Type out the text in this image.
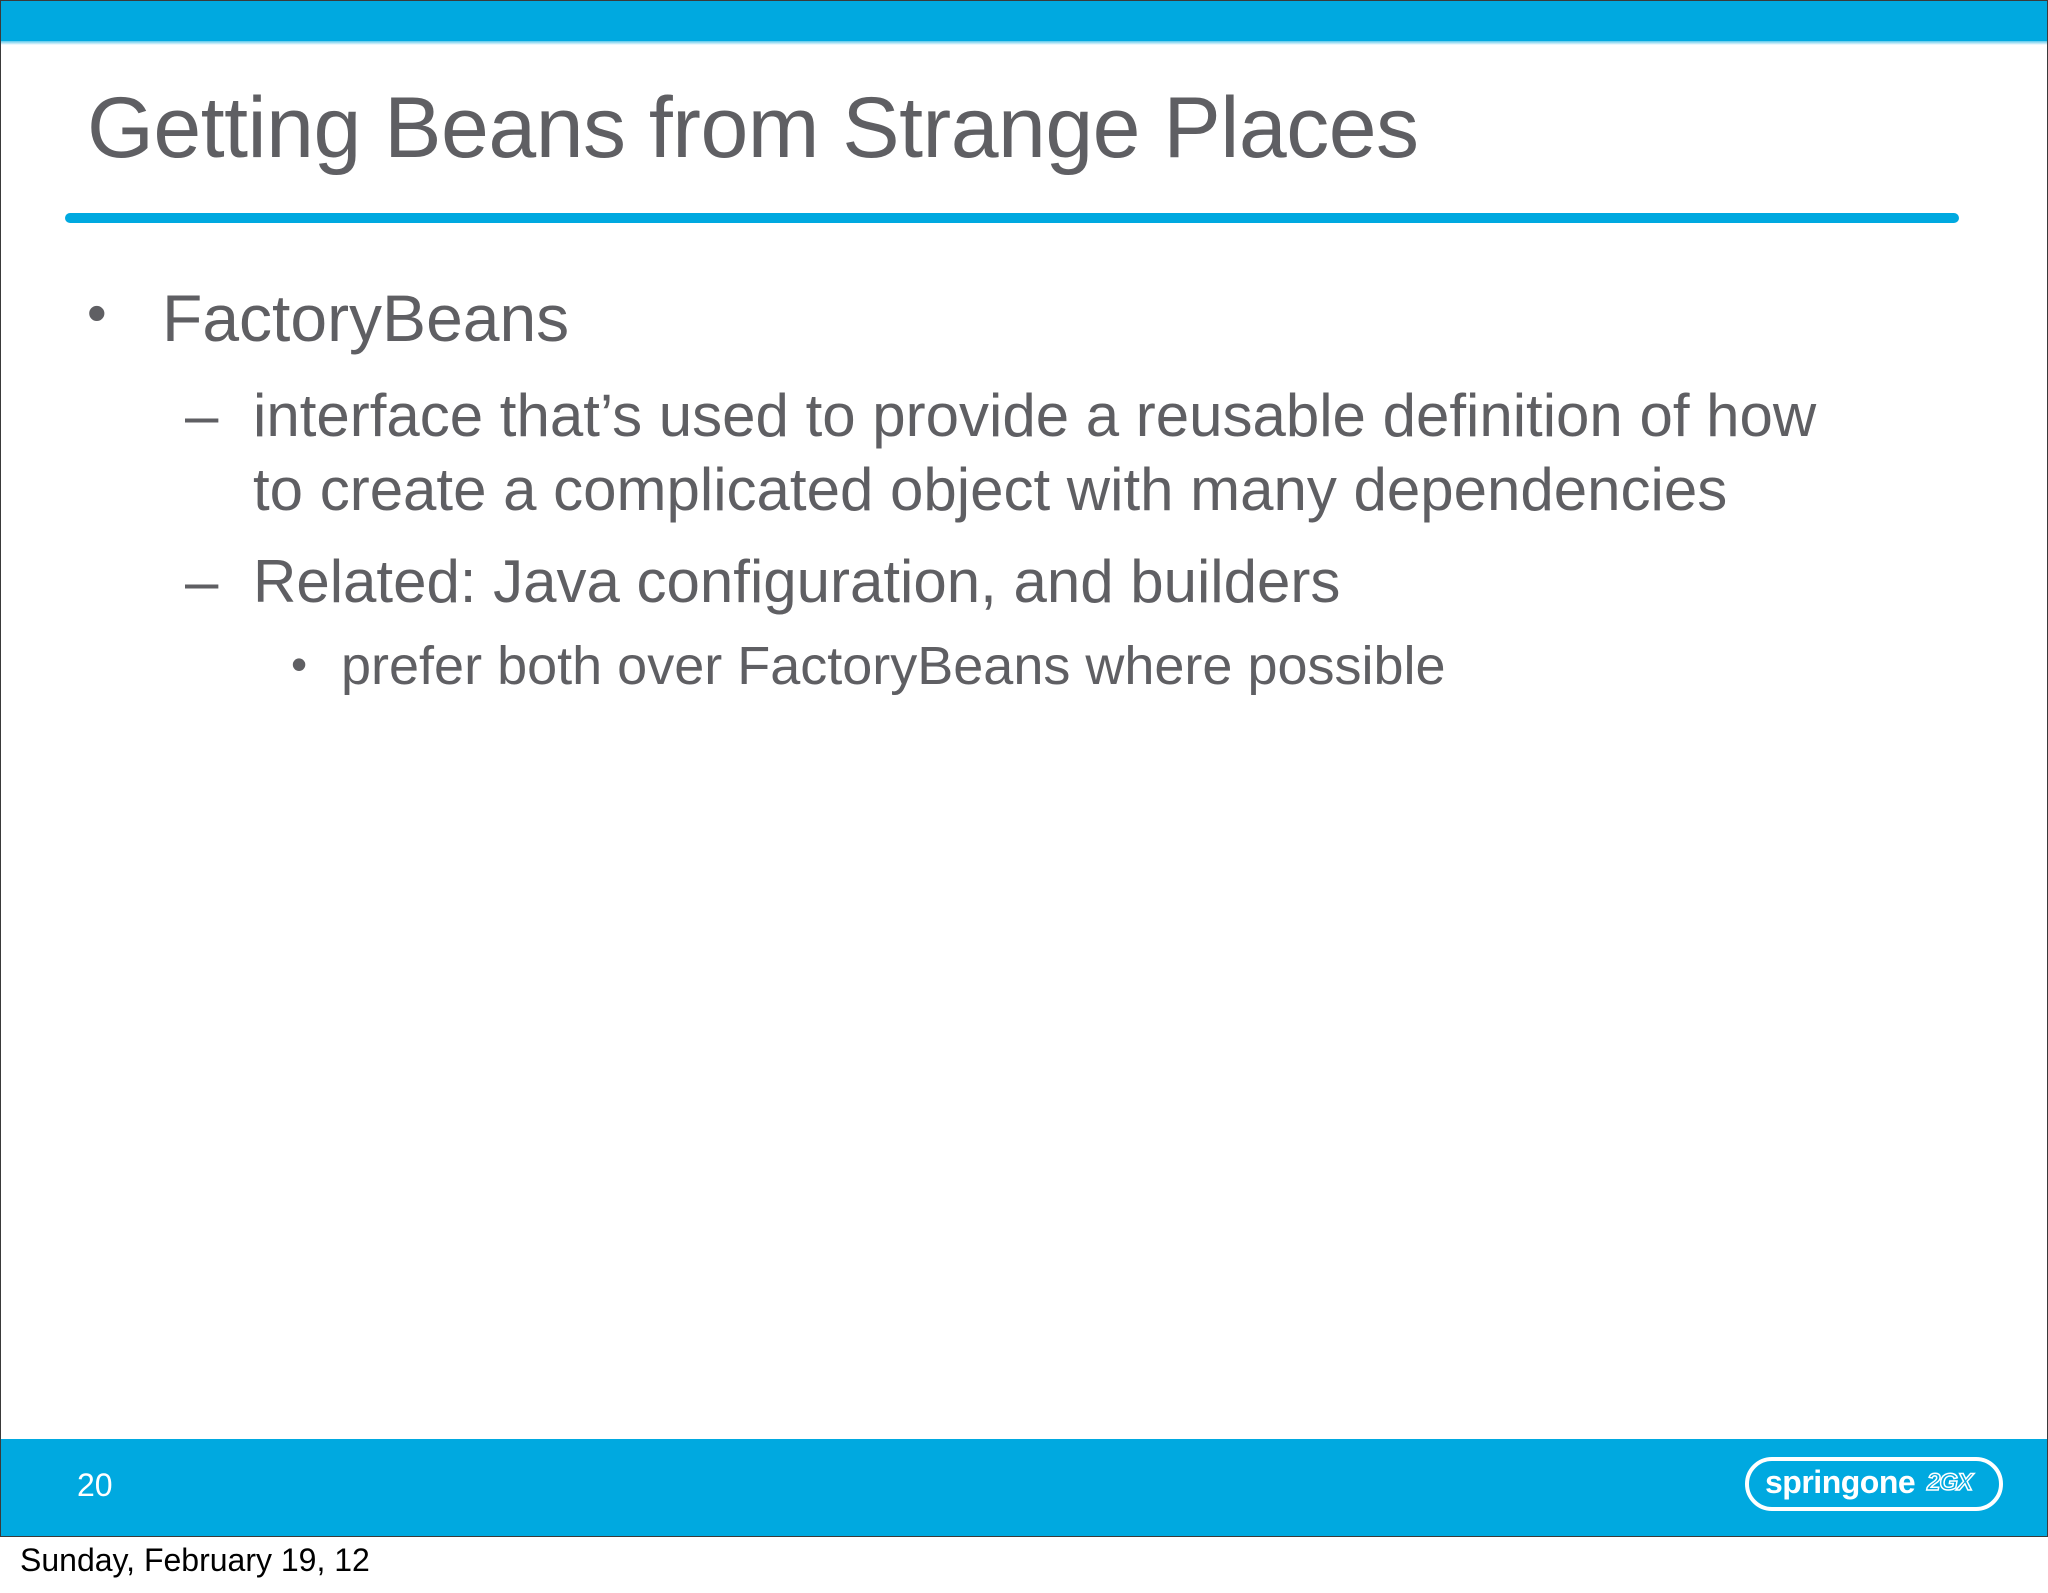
Getting Beans from Strange Places
• FactoryBeans
– interface that’s used to provide a reusable definition of how
to create a complicated object with many dependencies
– Related: Java configuration, and builders
• prefer both over FactoryBeans where possible
20	springone 2GX
Sunday, February 19, 12
